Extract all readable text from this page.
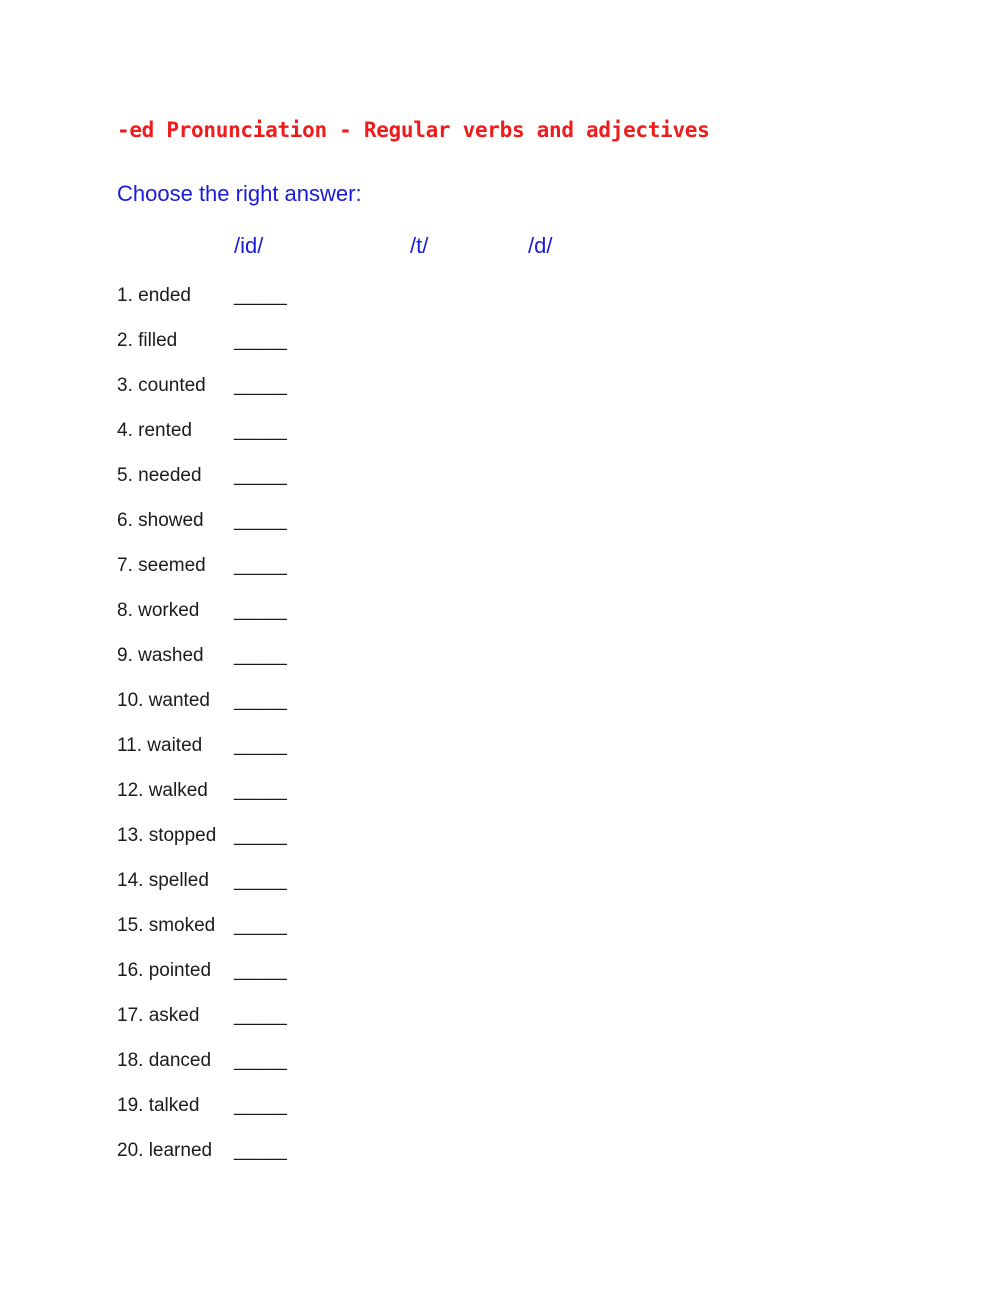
-ed Pronunciation - Regular verbs and adjectives

Choose the right answer:

/id/	/t/	/d/
1. ended _____
2. filled	_____
3. counted _____
4. rented _____
5. needed _____
6. showed _____
7. seemed _____
8. worked _____
9. washed _____
10. wanted _____
11. waited _____
12. walked _____
13. stopped _____
14. spelled _____
15. smoked _____
16. pointed _____
17. asked _____
18. danced _____
19. talked _____
20. learned _____
